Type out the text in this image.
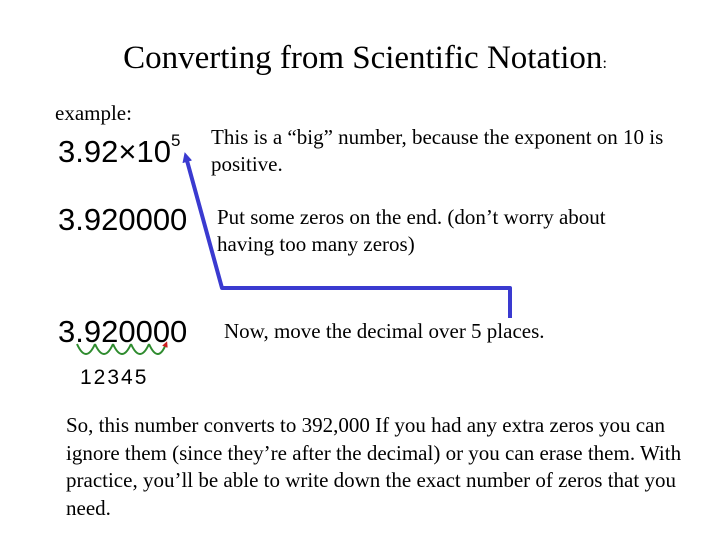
Converting from Scientific Notation:
example:
$3.92\times 10^5$
3.920000
3.920000
12345
This is a “big” number, because the exponent on 10 is positive.
Put some zeros on the end. (don’t worry about having too many zeros)
Now, move the decimal over 5 places.
So, this number converts to 392,000 If you had any extra zeros you can ignore them (since they’re after the decimal) or you can erase them. With practice, you’ll be able to write down the exact number of zeros that you need.
